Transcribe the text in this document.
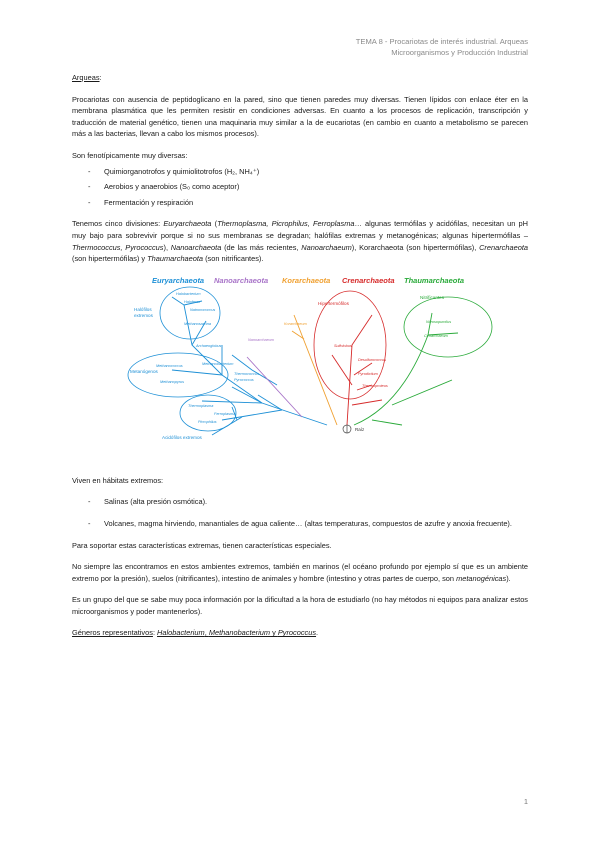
TEMA 8 - Procariotas de interés industrial. Arqueas
Microorganismos y Producción Industrial

Arqueas:

Procariotas con ausencia de peptidoglicano en la pared, sino que tienen paredes muy diversas. Tienen lípidos con enlace éter en la membrana plasmática que les permiten resistir en condiciones adversas. En cuanto a los procesos de replicación, transcripción y traducción de material genético, tienen una maquinaria muy similar a la de eucariotas (en cambio en cuanto a metabolismo se parecen más a las bacterias, llevan a cabo los mismos procesos).

Son fenotípicamente muy diversas:

- Quimiorganotrofos y quimiolitotrofos (H₂, NH₄⁺)
- Aerobios y anaerobios (S₀ como aceptor)
- Fermentación y respiración

Tenemos cinco divisiones: Euryarchaeota (Thermoplasma, Picrophilus, Ferroplasma… algunas termófilas y acidófilas, necesitan un pH muy bajo para sobrevivir porque si no sus membranas se degradan; halófilas extremas y metanogénicas; algunas hipertermófilas – Thermococcus, Pyrococcus), Nanoarchaeota (de las más recientes, Nanoarchaeum), Korarchaeota (son hipertermófilas), Crenarchaeota (son hipertermófilas) y Thaumarchaeota (son nitrificantes).

Euryarchaeota Nanoarchaeota Korarchaeota Crenarchaeota Thaumarchaeota
Raíz
Halófilos
extremos
Metanógenos
Acidófilos extremos
Hipertermófilos
Nitrificantes
Halobacterium
Haloferax
Natronococcus
Methanosarcina
Archaeoglobus
Methanococcus	Methanobacterium
Methanopyrus
Thermococcus
Pyrococcus
Thermoplasma
Ferroplasma
Picrophilus
Nanoarchaeum
Korarchaeum
Sulfolobus
Desulfurococcus
Pyrodictium
Thermoproteus
Nitrosopumilus
Cenarchaeum

Viven en hábitats extremos:

- Salinas (alta presión osmótica).
- Volcanes, magma hirviendo, manantiales de agua caliente… (altas temperaturas, compuestos de azufre y anoxia frecuente).

Para soportar estas características extremas, tienen características especiales.

No siempre las encontramos en estos ambientes extremos, también en marinos (el océano profundo por ejemplo sí que es un ambiente extremo por la presión), suelos (nitrificantes), intestino de animales y hombre (intestino y otras partes de cuerpo, son metanogénicas).

Es un grupo del que se sabe muy poca información por la dificultad a la hora de estudiarlo (no hay métodos ni equipos para analizar estos microorganismos y poder mantenerlos).

Géneros representativos: Halobacterium, Methanobacterium y Pyrococcus.

1
